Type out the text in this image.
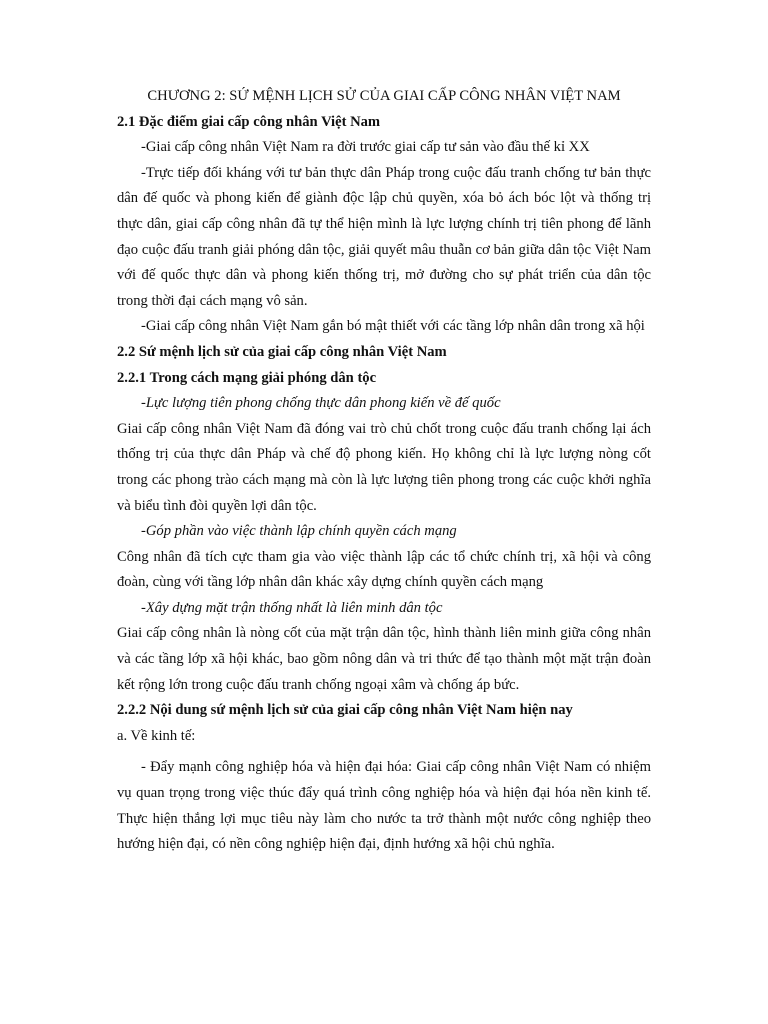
CHƯƠNG 2: SỨ MỆNH LỊCH SỬ CỦA GIAI CẤP CÔNG NHÂN VIỆT NAM
2.1 Đặc điểm giai cấp công nhân Việt Nam

-Giai cấp công nhân Việt Nam ra đời trước giai cấp tư sản vào đầu thế kỉ XX

-Trực tiếp đối kháng với tư bản thực dân Pháp trong cuộc đấu tranh chống tư bản thực dân đế quốc và phong kiến để giành độc lập chủ quyền, xóa bỏ ách bóc lột và thống trị thực dân, giai cấp công nhân đã tự thể hiện mình là lực lượng chính trị tiên phong để lãnh đạo cuộc đấu tranh giải phóng dân tộc, giải quyết mâu thuẫn cơ bản giữa dân tộc Việt Nam với đế quốc thực dân và phong kiến thống trị, mở đường cho sự phát triển của dân tộc trong thời đại cách mạng vô sản.

-Giai cấp công nhân Việt Nam gắn bó mật thiết với các tầng lớp nhân dân trong xã hội

2.2 Sứ mệnh lịch sử của giai cấp công nhân Việt Nam
2.2.1 Trong cách mạng giải phóng dân tộc

-Lực lượng tiên phong chống thực dân phong kiến về đế quốc

Giai cấp công nhân Việt Nam đã đóng vai trò chủ chốt trong cuộc đấu tranh chống lại ách thống trị của thực dân Pháp và chế độ phong kiến. Họ không chỉ là lực lượng nòng cốt trong các phong trào cách mạng mà còn là lực lượng tiên phong trong các cuộc khởi nghĩa và biểu tình đòi quyền lợi dân tộc.

-Góp phần vào việc thành lập chính quyền cách mạng

Công nhân đã tích cực tham gia vào việc thành lập các tổ chức chính trị, xã hội và công đoàn, cùng với tầng lớp nhân dân khác xây dựng chính quyền cách mạng

-Xây dựng mặt trận thống nhất là liên minh dân tộc

Giai cấp công nhân là nòng cốt của mặt trận dân tộc, hình thành liên minh giữa công nhân và các tầng lớp xã hội khác, bao gồm nông dân và tri thức để tạo thành một mặt trận đoàn kết rộng lớn trong cuộc đấu tranh chống ngoại xâm và chống áp bức.

2.2.2 Nội dung sứ mệnh lịch sử của giai cấp công nhân Việt Nam hiện nay

a. Về kinh tế:

- Đẩy mạnh công nghiệp hóa và hiện đại hóa: Giai cấp công nhân Việt Nam có nhiệm vụ quan trọng trong việc thúc đẩy quá trình công nghiệp hóa và hiện đại hóa nền kinh tế. Thực hiện thắng lợi mục tiêu này làm cho nước ta trở thành một nước công nghiệp theo hướng hiện đại, có nền công nghiệp hiện đại, định hướng xã hội chủ nghĩa.
